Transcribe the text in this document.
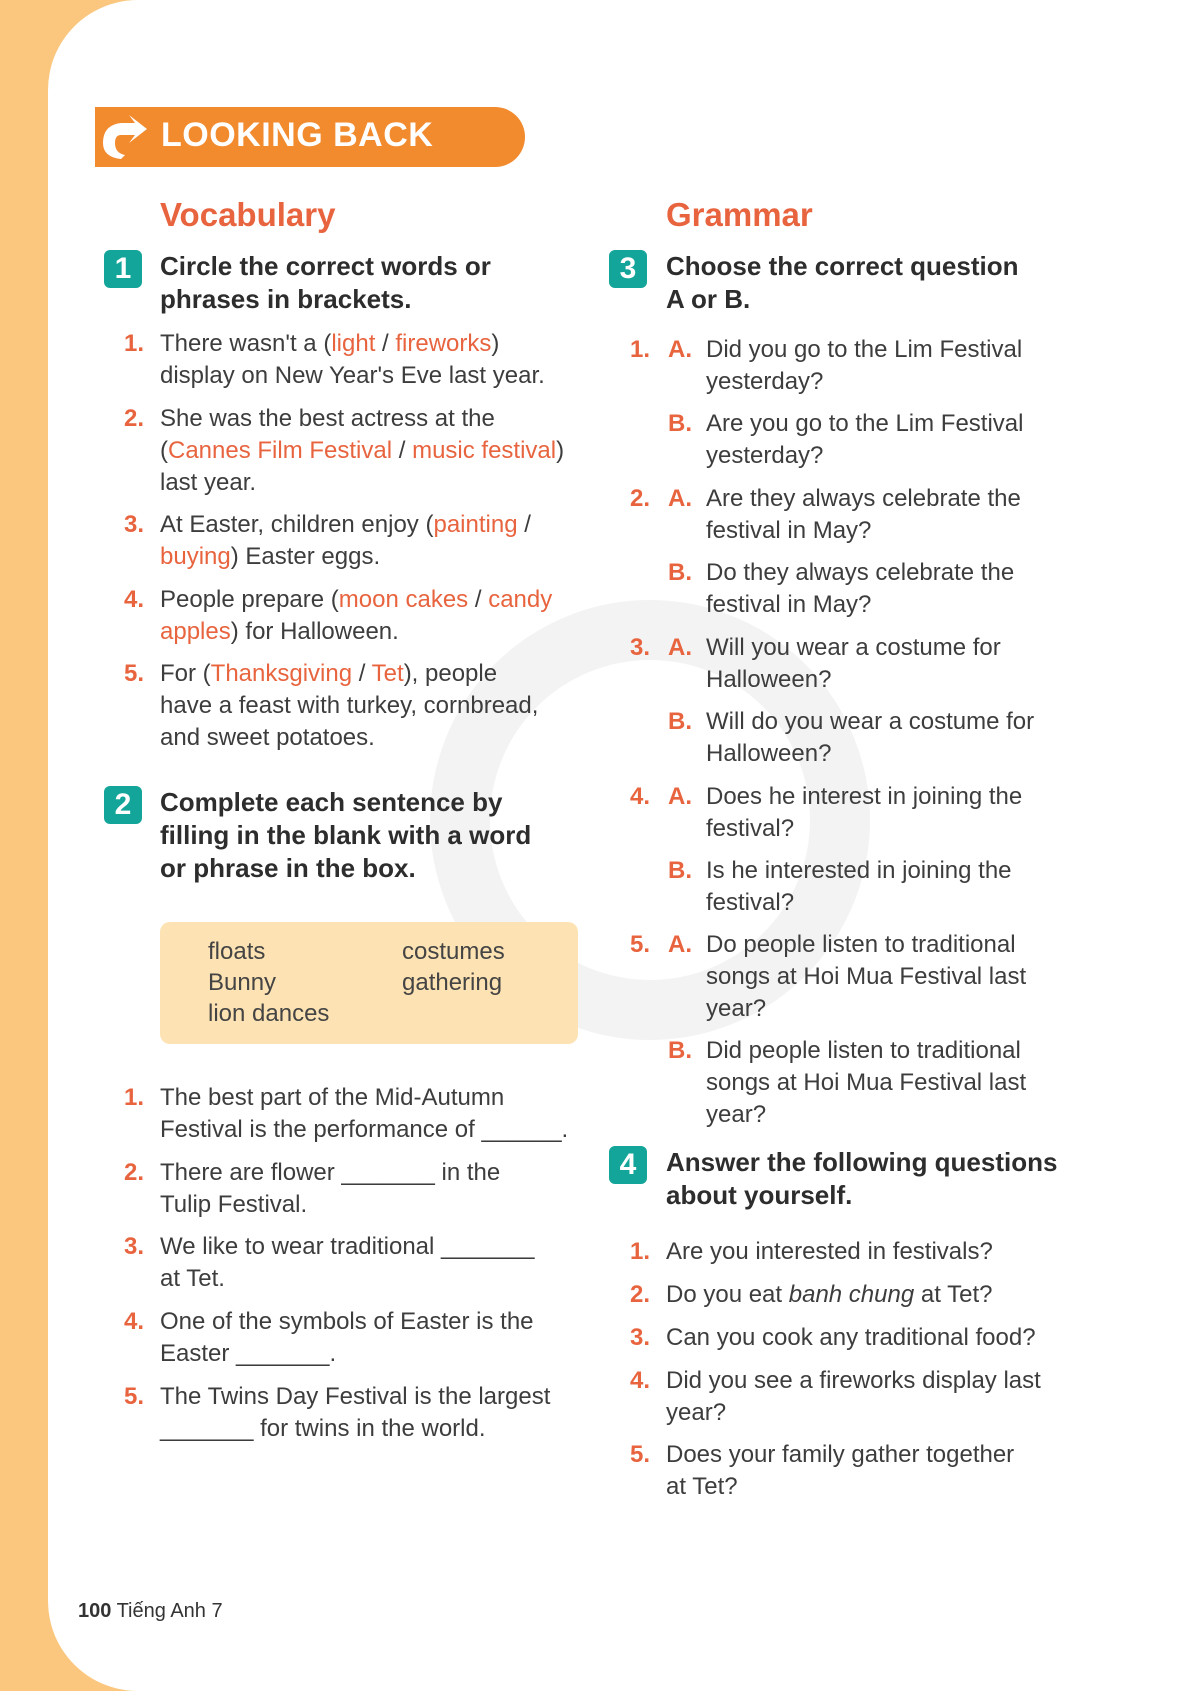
LOOKING BACK
Vocabulary
1	Circle the correct words or
phrases in brackets.
1. There wasn't a (light / fireworks)
display on New Year's Eve last year.
2. She was the best actress at the
(Cannes Film Festival / music festival)
last year.
3. At Easter, children enjoy (painting /
buying) Easter eggs.
4. People prepare (moon cakes / candy
apples) for Halloween.
5. For (Thanksgiving / Tet), people
have a feast with turkey, cornbread,
and sweet potatoes.
2	Complete each sentence by
filling in the blank with a word
or phrase in the box.
floats	costumes
Bunny	gathering
lion dances
1. The best part of the Mid-Autumn
Festival is the performance of ______.
2. There are flower _______ in the
Tulip Festival.
3. We like to wear traditional _______
at Tet.
4. One of the symbols of Easter is the
Easter _______.
5. The Twins Day Festival is the largest
_______ for twins in the world.
Grammar
3	Choose the correct question
A or B.
1. A. Did you go to the Lim Festival
yesterday?
B. Are you go to the Lim Festival
yesterday?
2. A. Are they always celebrate the
festival in May?
B. Do they always celebrate the
festival in May?
3. A. Will you wear a costume for
Halloween?
B. Will do you wear a costume for
Halloween?
4. A. Does he interest in joining the
festival?
B. Is he interested in joining the
festival?
5. A. Do people listen to traditional
songs at Hoi Mua Festival last
year?
B. Did people listen to traditional
songs at Hoi Mua Festival last
year?
4	Answer the following questions
about yourself.
1. Are you interested in festivals?
2. Do you eat banh chung at Tet?
3. Can you cook any traditional food?
4. Did you see a fireworks display last
year?
5. Does your family gather together
at Tet?
100 Tiếng Anh 7
